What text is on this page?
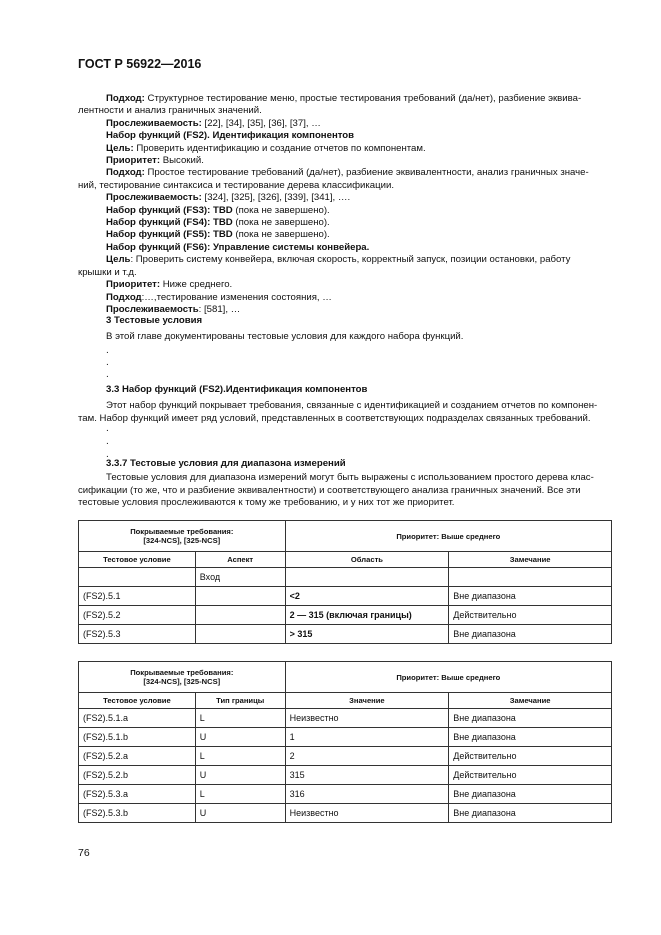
ГОСТ Р 56922—2016

Подход: Структурное тестирование меню, простые тестирования требований (да/нет), разбиение эквива-

лентности и анализ граничных значений.

Прослеживаемость: [22], [34], [35], [36], [37], …

Набор функций (FS2). Идентификация компонентов

Цель: Проверить идентификацию и создание отчетов по компонентам.

Приоритет: Высокий.

Подход: Простое тестирование требований (да/нет), разбиение эквивалентности, анализ граничных значе-

ний, тестирование синтаксиса и тестирование дерева классификации.

Прослеживаемость: [324], [325], [326], [339], [341], ….

Набор функций (FS3): TBD (пока не завершено).

Набор функций (FS4): TBD (пока не завершено).

Набор функций (FS5): TBD (пока не завершено).

Набор функций (FS6): Управление системы конвейера.

Цель: Проверить систему конвейера, включая скорость, корректный запуск, позиции остановки, работу

крышки и т.д.

Приоритет: Ниже среднего.

Подход:…,тестирование изменения состояния, …

Прослеживаемость: [581], …

3 Тестовые условия

В этой главе документированы тестовые условия для каждого набора функций.

.
.
.

3.3 Набор функций (FS2).Идентификация компонентов

Этот набор функций покрывает требования, связанные с идентификацией и созданием отчетов по компонен-

там. Набор функций имеет ряд условий, представленных в соответствующих подразделах связанных требований.

.
.
.

3.3.7 Тестовые условия для диапазона измерений

Тестовые условия для диапазона измерений могут быть выражены с использованием простого дерева клас-

сификации (то же, что и разбиение эквивалентности) и соответствующего анализа граничных значений. Все эти

тестовые условия прослеживаются к тому же требованию, и у них тот же приоритет.

Покрываемые требования:
[324-NCS], [325-NCS]		Приоритет: Выше среднего	
Тестовое условие	Аспект	Область	Замечание
	Вход		
(FS2).5.1		<2	Вне диапазона
(FS2).5.2		2 — 315 (включая границы)	Действительно
(FS2).5.3		> 315	Вне диапазона
Покрываемые требования:
[324-NCS], [325-NCS]		Приоритет: Выше среднего	
Тестовое условие	Тип границы	Значение	Замечание
(FS2).5.1.a	L	Неизвестно	Вне диапазона
(FS2).5.1.b	U	1	Вне диапазона
(FS2).5.2.a	L	2	Действительно
(FS2).5.2.b	U	315	Действительно
(FS2).5.3.a	L	316	Вне диапазона
(FS2).5.3.b	U	Неизвестно	Вне диапазона
76
